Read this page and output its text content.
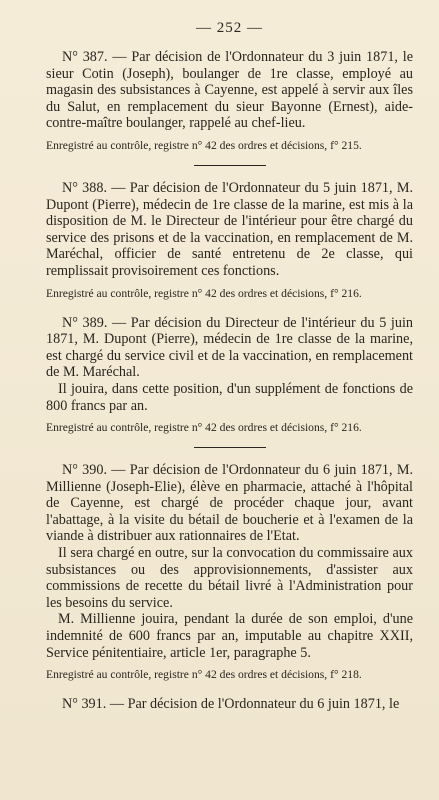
— 252 —

N° 387. — Par décision de l'Ordonnateur du 3 juin 1871, le sieur Cotin (Joseph), boulanger de 1re classe, employé au magasin des subsistances à Cayenne, est appelé à servir aux îles du Salut, en remplacement du sieur Bayonne (Ernest), aide-contre-maître boulanger, rappelé au chef-lieu.

Enregistré au contrôle, registre n° 42 des ordres et décisions, f° 215.

N° 388. — Par décision de l'Ordonnateur du 5 juin 1871, M. Dupont (Pierre), médecin de 1re classe de la marine, est mis à la disposition de M. le Directeur de l'intérieur pour être chargé du service des prisons et de la vaccination, en remplacement de M. Maréchal, officier de santé entretenu de 2e classe, qui remplissait provisoirement ces fonctions.

Enregistré au contrôle, registre n° 42 des ordres et décisions, f° 216.

N° 389. — Par décision du Directeur de l'intérieur du 5 juin 1871, M. Dupont (Pierre), médecin de 1re classe de la marine, est chargé du service civil et de la vaccination, en remplacement de M. Maréchal.

Il jouira, dans cette position, d'un supplément de fonctions de 800 francs par an.

Enregistré au contrôle, registre n° 42 des ordres et décisions, f° 216.

N° 390. — Par décision de l'Ordonnateur du 6 juin 1871, M. Millienne (Joseph-Elie), élève en pharmacie, attaché à l'hôpital de Cayenne, est chargé de procéder chaque jour, avant l'abattage, à la visite du bétail de boucherie et à l'examen de la viande à distribuer aux rationnaires de l'Etat.

Il sera chargé en outre, sur la convocation du commissaire aux subsistances ou des approvisionnements, d'assister aux commissions de recette du bétail livré à l'Administration pour les besoins du service.

M. Millienne jouira, pendant la durée de son emploi, d'une indemnité de 600 francs par an, imputable au chapitre XXII, Service pénitentiaire, article 1er, paragraphe 5.

Enregistré au contrôle, registre n° 42 des ordres et décisions, f° 218.

N° 391. — Par décision de l'Ordonnateur du 6 juin 1871, le
